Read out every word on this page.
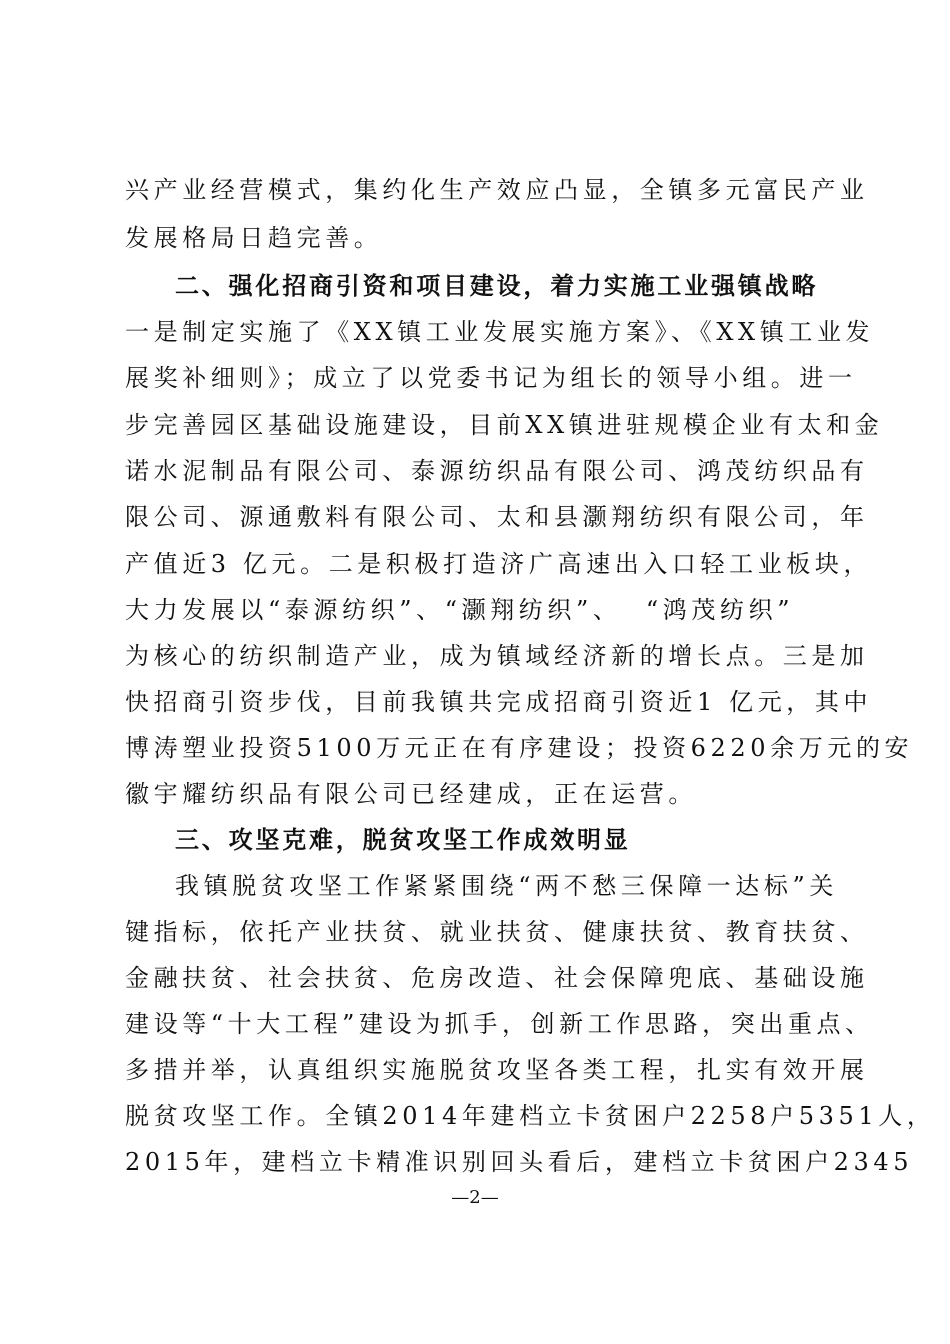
兴产业经营模式，集约化生产效应凸显，全镇多元富民产业
发展格局日趋完善。
二、强化招商引资和项目建设，着力实施工业强镇战略
一是制定实施了《XX镇工业发展实施方案》、《XX镇工业发
展奖补细则》；成立了以党委书记为组长的领导小组。进一
步完善园区基础设施建设，目前XX镇进驻规模企业有太和金
诺水泥制品有限公司、泰源纺织品有限公司、鸿茂纺织品有
限公司、源通敷料有限公司、太和县灏翔纺织有限公司，年
产值近3 亿元。二是积极打造济广高速出入口轻工业板块，
大力发展以“泰源纺织”、“灏翔纺织”、  “鸿茂纺织”
为核心的纺织制造产业，成为镇域经济新的增长点。三是加
快招商引资步伐，目前我镇共完成招商引资近1 亿元，其中
博涛塑业投资5100万元正在有序建设；投资6220余万元的安
徽宇耀纺织品有限公司已经建成，正在运营。
三、攻坚克难，脱贫攻坚工作成效明显
我镇脱贫攻坚工作紧紧围绕“两不愁三保障一达标”关
键指标，依托产业扶贫、就业扶贫、健康扶贫、教育扶贫、
金融扶贫、社会扶贫、危房改造、社会保障兜底、基础设施
建设等“十大工程”建设为抓手，创新工作思路，突出重点、
多措并举，认真组织实施脱贫攻坚各类工程，扎实有效开展
脱贫攻坚工作。全镇2014年建档立卡贫困户2258户5351人，
2015年，建档立卡精准识别回头看后，建档立卡贫困户2345
—2—
